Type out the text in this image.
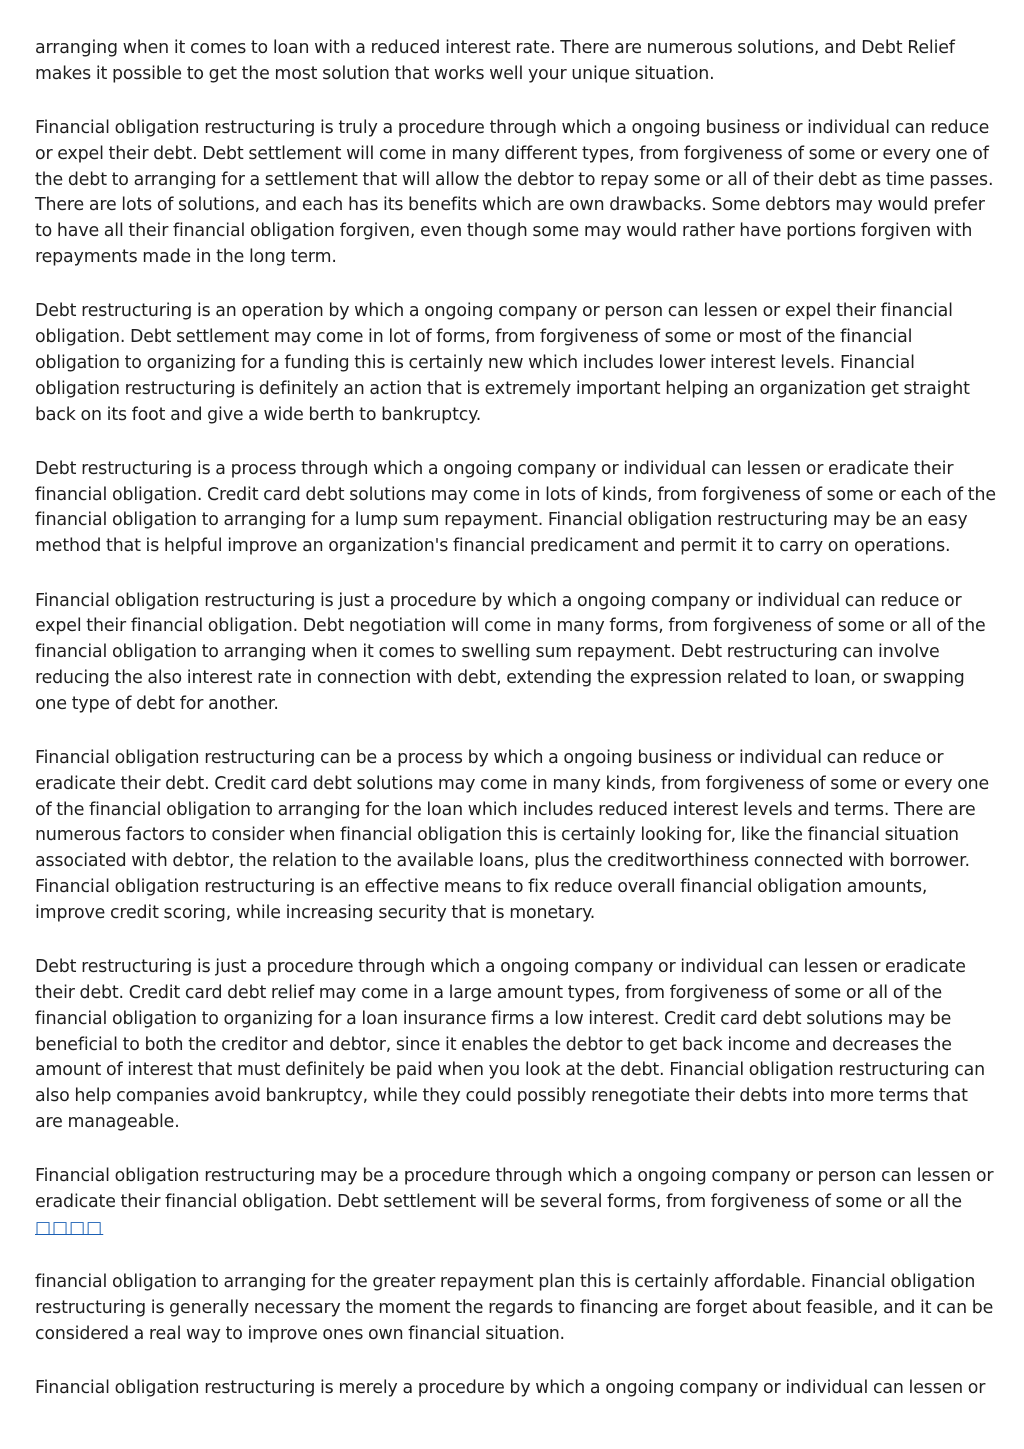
arranging when it comes to loan with a reduced interest rate. There are numerous solutions, and Debt Relief makes it possible to get the most solution that works well your unique situation.

Financial obligation restructuring is truly a procedure through which a ongoing business or individual can reduce or expel their debt. Debt settlement will come in many different types, from forgiveness of some or every one of the debt to arranging for a settlement that will allow the debtor to repay some or all of their debt as time passes. There are lots of solutions, and each has its benefits which are own drawbacks. Some debtors may would prefer to have all their financial obligation forgiven, even though some may would rather have portions forgiven with repayments made in the long term.

Debt restructuring is an operation by which a ongoing company or person can lessen or expel their financial obligation. Debt settlement may come in lot of forms, from forgiveness of some or most of the financial obligation to organizing for a funding this is certainly new which includes lower interest levels. Financial obligation restructuring is definitely an action that is extremely important helping an organization get straight back on its foot and give a wide berth to bankruptcy.

Debt restructuring is a process through which a ongoing company or individual can lessen or eradicate their financial obligation. Credit card debt solutions may come in lots of kinds, from forgiveness of some or each of the financial obligation to arranging for a lump sum repayment. Financial obligation restructuring may be an easy method that is helpful improve an organization's financial predicament and permit it to carry on operations.

Financial obligation restructuring is just a procedure by which a ongoing company or individual can reduce or expel their financial obligation. Debt negotiation will come in many forms, from forgiveness of some or all of the financial obligation to arranging when it comes to swelling sum repayment. Debt restructuring can involve reducing the also interest rate in connection with debt, extending the expression related to loan, or swapping one type of debt for another.

Financial obligation restructuring can be a process by which a ongoing business or individual can reduce or eradicate their debt. Credit card debt solutions may come in many kinds, from forgiveness of some or every one of the financial obligation to arranging for the loan which includes reduced interest levels and terms. There are numerous factors to consider when financial obligation this is certainly looking for, like the financial situation associated with debtor, the relation to the available loans, plus the creditworthiness connected with borrower. Financial obligation restructuring is an effective means to fix reduce overall financial obligation amounts, improve credit scoring, while increasing security that is monetary.

Debt restructuring is just a procedure through which a ongoing company or individual can lessen or eradicate their debt. Credit card debt relief may come in a large amount types, from forgiveness of some or all of the financial obligation to organizing for a loan insurance firms a low interest. Credit card debt solutions may be beneficial to both the creditor and debtor, since it enables the debtor to get back income and decreases the amount of interest that must definitely be paid when you look at the debt. Financial obligation restructuring can also help companies avoid bankruptcy, while they could possibly renegotiate their debts into more terms that are manageable.

Financial obligation restructuring may be a procedure through which a ongoing company or person can lessen or eradicate their financial obligation. Debt settlement will be several forms, from forgiveness of some or all the
□□□□

financial obligation to arranging for the greater repayment plan this is certainly affordable. Financial obligation restructuring is generally necessary the moment the regards to financing are forget about feasible, and it can be considered a real way to improve ones own financial situation.

Financial obligation restructuring is merely a procedure by which a ongoing company or individual can lessen or
